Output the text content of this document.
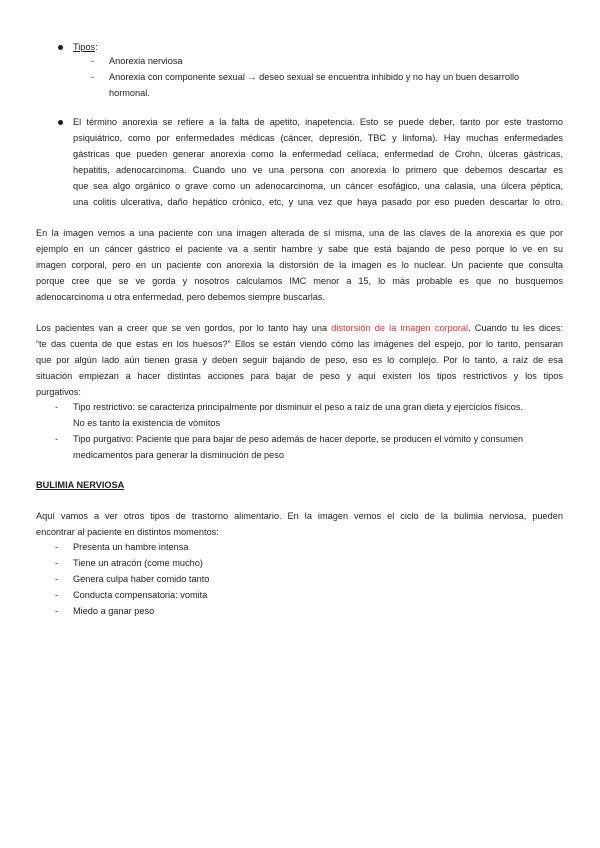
Tipos:
- Anorexia nerviosa
- Anorexia con componente sexual → deseo sexual se encuentra inhibido y no hay un buen desarrollo
hormonal.
El término anorexia se refiere a la falta de apetito, inapetencia. Esto se puede deber, tanto por este trastorno
psiquiátrico, como por enfermedades médicas (cáncer, depresión, TBC y linfoma). Hay muchas enfermedades
gástricas que pueden generar anorexia como la enfermedad celíaca, enfermedad de Crohn, úlceras gástricas,
hepatitis, adenocarcinoma. Cuando uno ve una persona con anorexia lo primero que debemos descartar es
que sea algo orgánico o grave como un adenocarcinoma, un cáncer esofágico, una calasia, una úlcera péptica,
una colitis ulcerativa, daño hepático crónico, etc, y una vez que haya pasado por eso pueden descartar lo otro.
En la imagen vemos a una paciente con una imagen alterada de sí misma, una de las claves de la anorexia es que por
ejemplo en un cáncer gástrico el paciente va a sentir hambre y sabe que está bajando de peso porque lo ve en su
imagen corporal, pero en un paciente con anorexia la distorsión de la imagen es lo nuclear. Un paciente que consulta
porque cree que se ve gorda y nosotros calculamos IMC menor a 15, lo más probable es que no busquemos
adenocarcinoma u otra enfermedad, pero debemos siempre buscarlas.
Los pacientes van a creer que se ven gordos, por lo tanto hay una distorsión de la imagen corporal. Cuando tu les dices:
“te das cuenta de que estas en los huesos?” Ellos se están viendo cómo las imágenes del espejo, por lo tanto, pensaran
que por algún lado aún tienen grasa y deben seguir bajando de peso, eso es lo complejo. Por lo tanto, a raíz de esa
situación empiezan a hacer distintas acciones para bajar de peso y aquí existen los tipos restrictivos y los tipos
purgativos:
- Tipo restrictivo: se caracteriza principalmente por disminuir el peso a raíz de una gran dieta y ejercicios físicos.
No es tanto la existencia de vómitos
- Tipo purgativo: Paciente que para bajar de peso además de hacer deporte, se producen el vómito y consumen
medicamentos para generar la disminución de peso
BULIMIA NERVIOSA
Aquí vamos a ver otros tipos de trastorno alimentario. En la imagen vemos el ciclo de la bulimia nerviosa, pueden
encontrar al paciente en distintos momentos:
- Presenta un hambre intensa
- Tiene un atracón (come mucho)
- Genera culpa haber comido tanto
- Conducta compensatoria: vomita
- Miedo a ganar peso
